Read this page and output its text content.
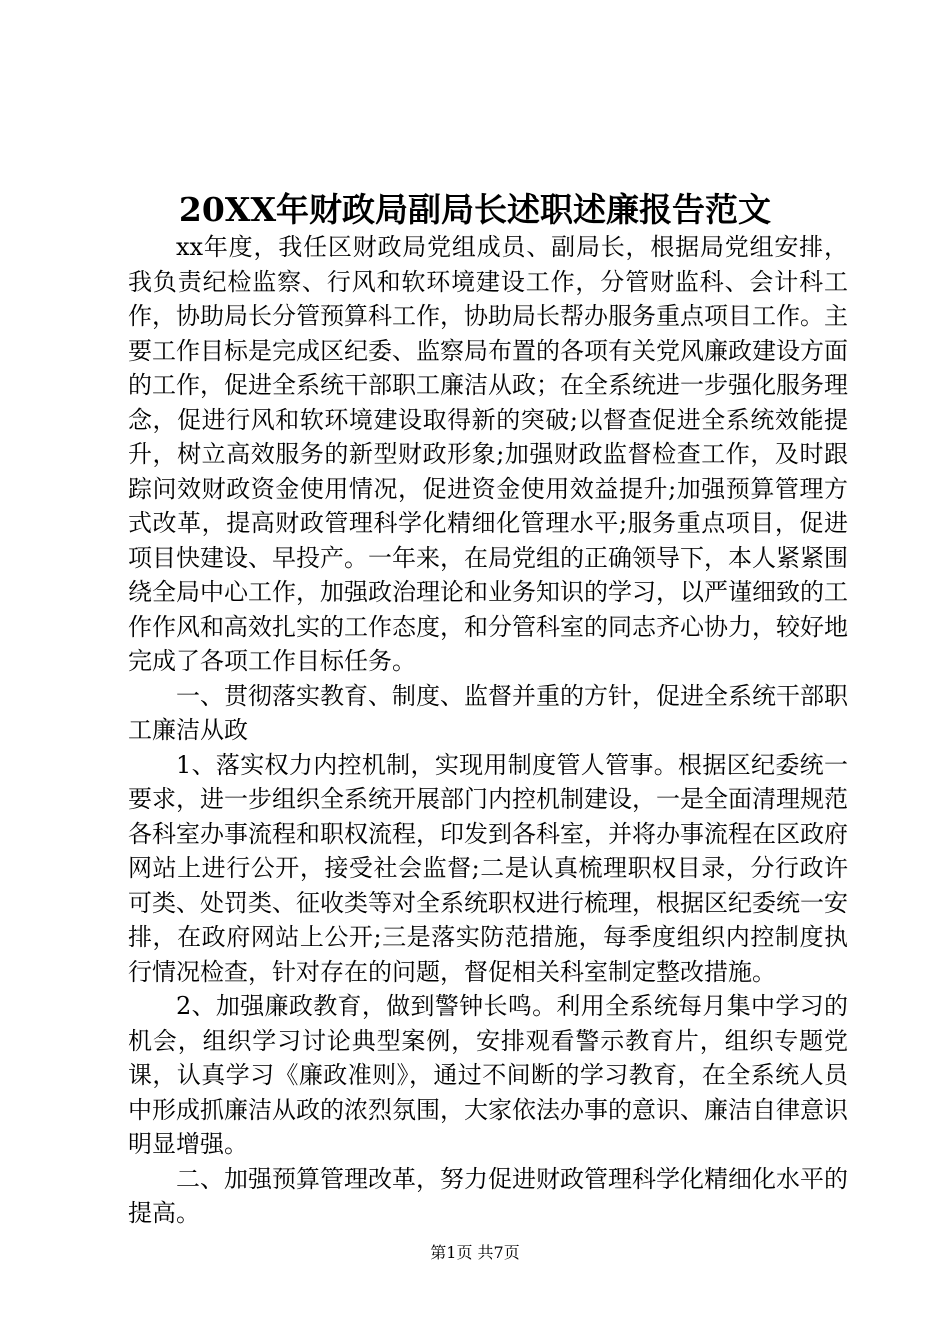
20XX年财政局副局长述职述廉报告范文

xx年度，我任区财政局党组成员、副局长，根据局党组安排，我负责纪检监察、行风和软环境建设工作，分管财监科、会计科工作，协助局长分管预算科工作，协助局长帮办服务重点项目工作。主要工作目标是完成区纪委、监察局布置的各项有关党风廉政建设方面的工作，促进全系统干部职工廉洁从政；在全系统进一步强化服务理念，促进行风和软环境建设取得新的突破;以督查促进全系统效能提升，树立高效服务的新型财政形象;加强财政监督检查工作，及时跟踪问效财政资金使用情况，促进资金使用效益提升;加强预算管理方式改革，提高财政管理科学化精细化管理水平;服务重点项目，促进项目快建设、早投产。一年来，在局党组的正确领导下，本人紧紧围绕全局中心工作，加强政治理论和业务知识的学习，以严谨细致的工作作风和高效扎实的工作态度，和分管科室的同志齐心协力，较好地完成了各项工作目标任务。

一、贯彻落实教育、制度、监督并重的方针，促进全系统干部职工廉洁从政

1、落实权力内控机制，实现用制度管人管事。根据区纪委统一要求，进一步组织全系统开展部门内控机制建设，一是全面清理规范各科室办事流程和职权流程，印发到各科室，并将办事流程在区政府网站上进行公开，接受社会监督;二是认真梳理职权目录，分行政许可类、处罚类、征收类等对全系统职权进行梳理，根据区纪委统一安排，在政府网站上公开;三是落实防范措施，每季度组织内控制度执行情况检查，针对存在的问题，督促相关科室制定整改措施。

2、加强廉政教育，做到警钟长鸣。利用全系统每月集中学习的机会，组织学习讨论典型案例，安排观看警示教育片，组织专题党课，认真学习《廉政准则》，通过不间断的学习教育，在全系统人员中形成抓廉洁从政的浓烈氛围，大家依法办事的意识、廉洁自律意识明显增强。

二、加强预算管理改革，努力促进财政管理科学化精细化水平的提高。

第1页 共7页
